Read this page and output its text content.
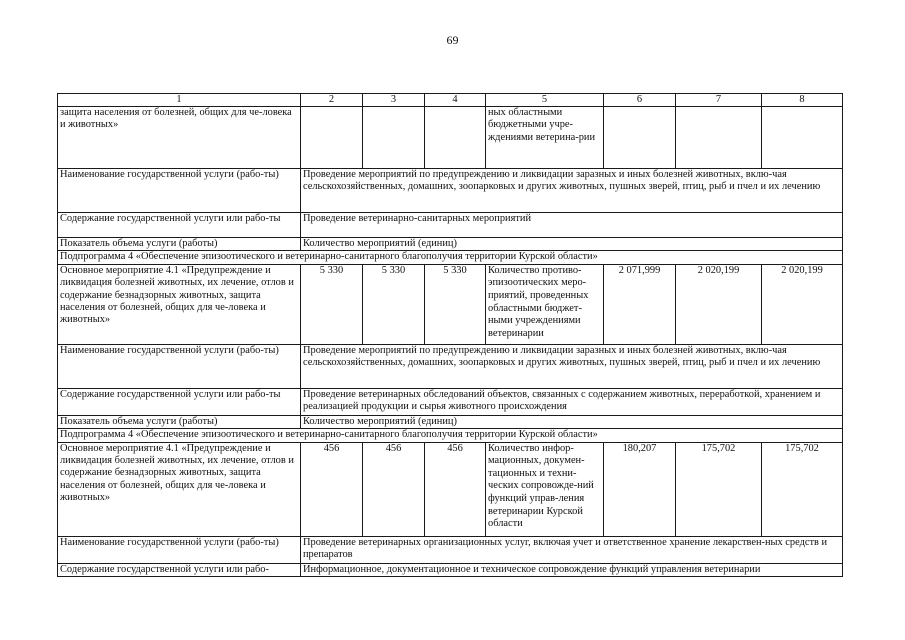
69
1	2	3	4	5	6	7	8
защита населения от болезней, общих для че-ловека и животных»				ных областными бюджетными учре-ждениями ветерина-рии			
Наименование государственной услуги (рабо-ты)	Проведение мероприятий по предупреждению и ликвидации заразных и иных болезней животных, вклю-чая сельскохозяйственных, домашних, зоопарковых и других животных, пушных зверей, птиц, рыб и пчел и их лечению						
Содержание государственной услуги или рабо-ты	Проведение ветеринарно-санитарных мероприятий						
Показатель объема услуги (работы)	Количество мероприятий (единиц)						
Подпрограмма 4 «Обеспечение эпизоотического и ветеринарно-санитарного благополучия территории Курской области»							
Основное мероприятие 4.1 «Предупреждение и ликвидация болезней животных, их лечение, отлов и содержание безнадзорных животных, защита населения от болезней, общих для че-ловека и животных»	5 330	5 330	5 330	Количество противо-эпизоотических меро-приятий, проведенных областными бюджет-ными учреждениями ветеринарии	2 071,999	2 020,199	2 020,199
Наименование государственной услуги (рабо-ты)	Проведение мероприятий по предупреждению и ликвидации заразных и иных болезней животных, вклю-чая сельскохозяйственных, домашних, зоопарковых и других животных, пушных зверей, птиц, рыб и пчел и их лечению						
Содержание государственной услуги или рабо-ты	Проведение ветеринарных обследований объектов, связанных с содержанием животных, переработкой, хранением и реализацией продукции и сырья животного происхождения						
Показатель объема услуги (работы)	Количество мероприятий (единиц)						
Подпрограмма 4 «Обеспечение эпизоотического и ветеринарно-санитарного благополучия территории Курской области»							
Основное мероприятие 4.1 «Предупреждение и ликвидация болезней животных, их лечение, отлов и содержание безнадзорных животных, защита населения от болезней, общих для че-ловека и животных»	456	456	456	Количество инфор-мационных, докумен-тационных и техни-ческих сопровожде-ний функций управ-ления ветеринарии Курской области	180,207	175,702	175,702
Наименование государственной услуги (рабо-ты)	Проведение ветеринарных организационных услуг, включая учет и ответственное хранение лекарствен-ных средств и препаратов						
Содержание государственной услуги или рабо-	Информационное, документационное и техническое сопровождение функций управления ветеринарии						
